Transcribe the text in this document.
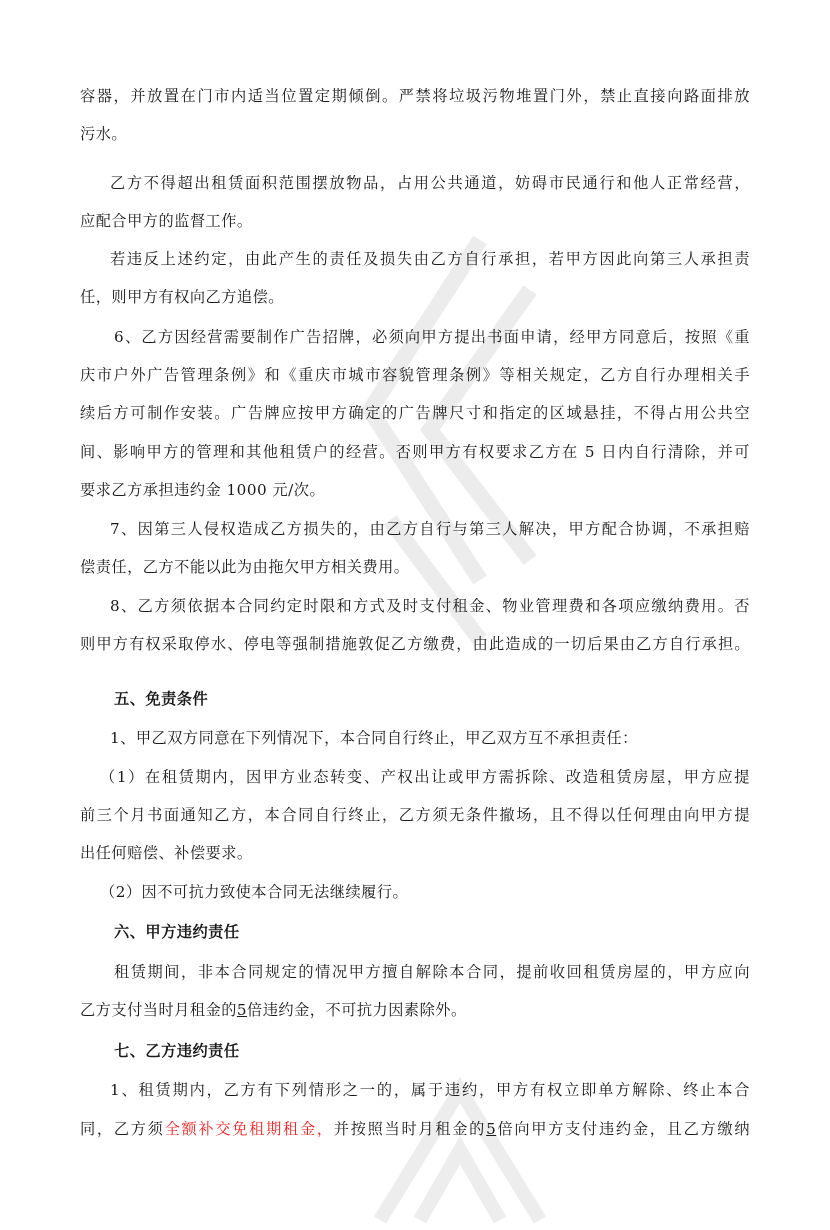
容器，并放置在门市内适当位置定期倾倒。严禁将垃圾污物堆置门外，禁止直接向路面排放
污水。
乙方不得超出租赁面积范围摆放物品，占用公共通道，妨碍市民通行和他人正常经营，
应配合甲方的监督工作。
若违反上述约定，由此产生的责任及损失由乙方自行承担，若甲方因此向第三人承担责
任，则甲方有权向乙方追偿。
6、乙方因经营需要制作广告招牌，必须向甲方提出书面申请，经甲方同意后，按照《重
庆市户外广告管理条例》和《重庆市城市容貌管理条例》等相关规定，乙方自行办理相关手
续后方可制作安装。广告牌应按甲方确定的广告牌尺寸和指定的区域悬挂，不得占用公共空
间、影响甲方的管理和其他租赁户的经营。否则甲方有权要求乙方在 5 日内自行清除，并可
要求乙方承担违约金 1000 元/次。
7、因第三人侵权造成乙方损失的，由乙方自行与第三人解决，甲方配合协调，不承担赔
偿责任，乙方不能以此为由拖欠甲方相关费用。
8、乙方须依据本合同约定时限和方式及时支付租金、物业管理费和各项应缴纳费用。否
则甲方有权采取停水、停电等强制措施敦促乙方缴费，由此造成的一切后果由乙方自行承担。
五、免责条件
1、甲乙双方同意在下列情况下，本合同自行终止，甲乙双方互不承担责任：
（1）在租赁期内，因甲方业态转变、产权出让或甲方需拆除、改造租赁房屋，甲方应提
前三个月书面通知乙方，本合同自行终止，乙方须无条件撤场，且不得以任何理由向甲方提
出任何赔偿、补偿要求。
（2）因不可抗力致使本合同无法继续履行。
六、甲方违约责任
租赁期间，非本合同规定的情况甲方擅自解除本合同，提前收回租赁房屋的，甲方应向
乙方支付当时月租金的5倍违约金，不可抗力因素除外。
七、乙方违约责任
1、租赁期内，乙方有下列情形之一的，属于违约，甲方有权立即单方解除、终止本合
同，乙方须全额补交免租期租金，并按照当时月租金的5倍向甲方支付违约金，且乙方缴纳
